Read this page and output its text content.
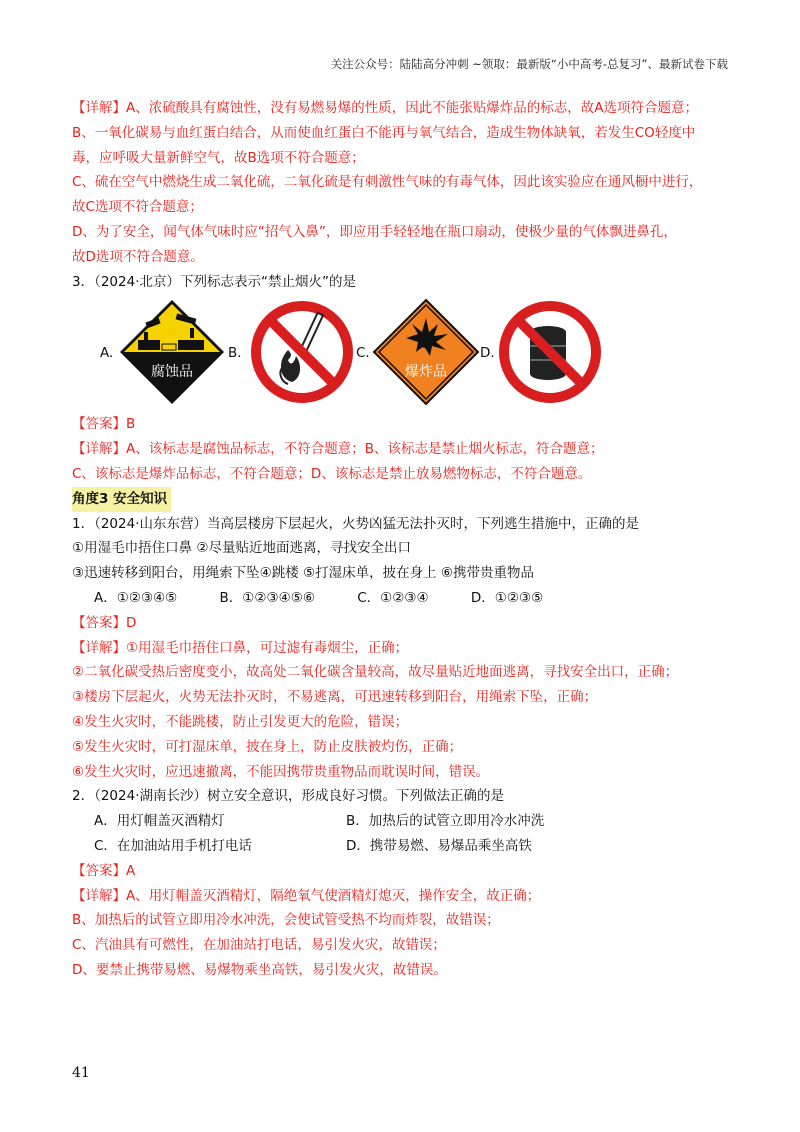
关注公众号：陆陆高分冲刺 ~领取：最新版“小中高考-总复习”、最新试卷下载

【详解】A、浓硫酸具有腐蚀性，没有易燃易爆的性质，因此不能张贴爆炸品的标志，故A选项符合题意；

B、一氧化碳易与血红蛋白结合，从而使血红蛋白不能再与氧气结合，造成生物体缺氧，若发生CO轻度中

毒，应呼吸大量新鲜空气，故B选项不符合题意；

C、硫在空气中燃烧生成二氧化硫，二氧化硫是有刺激性气味的有毒气体，因此该实验应在通风橱中进行，

故C选项不符合题意；

D、为了安全，闻气体气味时应“招气入鼻”，即应用手轻轻地在瓶口扇动，使极少量的气体飘进鼻孔，

故D选项不符合题意。

3．（2024·北京）下列标志表示“禁止烟火”的是

A.
腐蚀品
B.	C.
爆炸品
D.

【答案】B

【详解】A、该标志是腐蚀品标志，不符合题意；B、该标志是禁止烟火标志，符合题意；

C、该标志是爆炸品标志，不符合题意；D、该标志是禁止放易燃物标志，不符合题意。

角度3 安全知识

1．（2024·山东东营）当高层楼房下层起火，火势凶猛无法扑灭时，下列逃生措施中，正确的是

①用湿毛巾捂住口鼻 ②尽量贴近地面逃离，寻找安全出口

③迅速转移到阳台，用绳索下坠④跳楼 ⑤打湿床单，披在身上 ⑥携带贵重物品

A．①②③④⑤	B．①②③④⑤⑥	C．①②③④	D．①②③⑤

【答案】D

【详解】①用湿毛巾捂住口鼻，可过滤有毒烟尘，正确；

②二氧化碳受热后密度变小，故高处二氧化碳含量较高，故尽量贴近地面逃离，寻找安全出口，正确；

③楼房下层起火，火势无法扑灭时，不易逃离，可迅速转移到阳台，用绳索下坠，正确；

④发生火灾时，不能跳楼，防止引发更大的危险，错误；

⑤发生火灾时，可打湿床单，披在身上，防止皮肤被灼伤，正确；

⑥发生火灾时，应迅速撤离，不能因携带贵重物品而耽误时间，错误。

2．（2024·湖南长沙）树立安全意识，形成良好习惯。下列做法正确的是

A．用灯帽盖灭酒精灯	B．加热后的试管立即用冷水冲洗

C．在加油站用手机打电话	D．携带易燃、易爆品乘坐高铁

【答案】A

【详解】A、用灯帽盖灭酒精灯，隔绝氧气使酒精灯熄灭，操作安全，故正确；

B、加热后的试管立即用冷水冲洗，会使试管受热不均而炸裂，故错误；

C、汽油具有可燃性，在加油站打电话，易引发火灾，故错误；

D、要禁止携带易燃、易爆物乘坐高铁，易引发火灾，故错误。

41
